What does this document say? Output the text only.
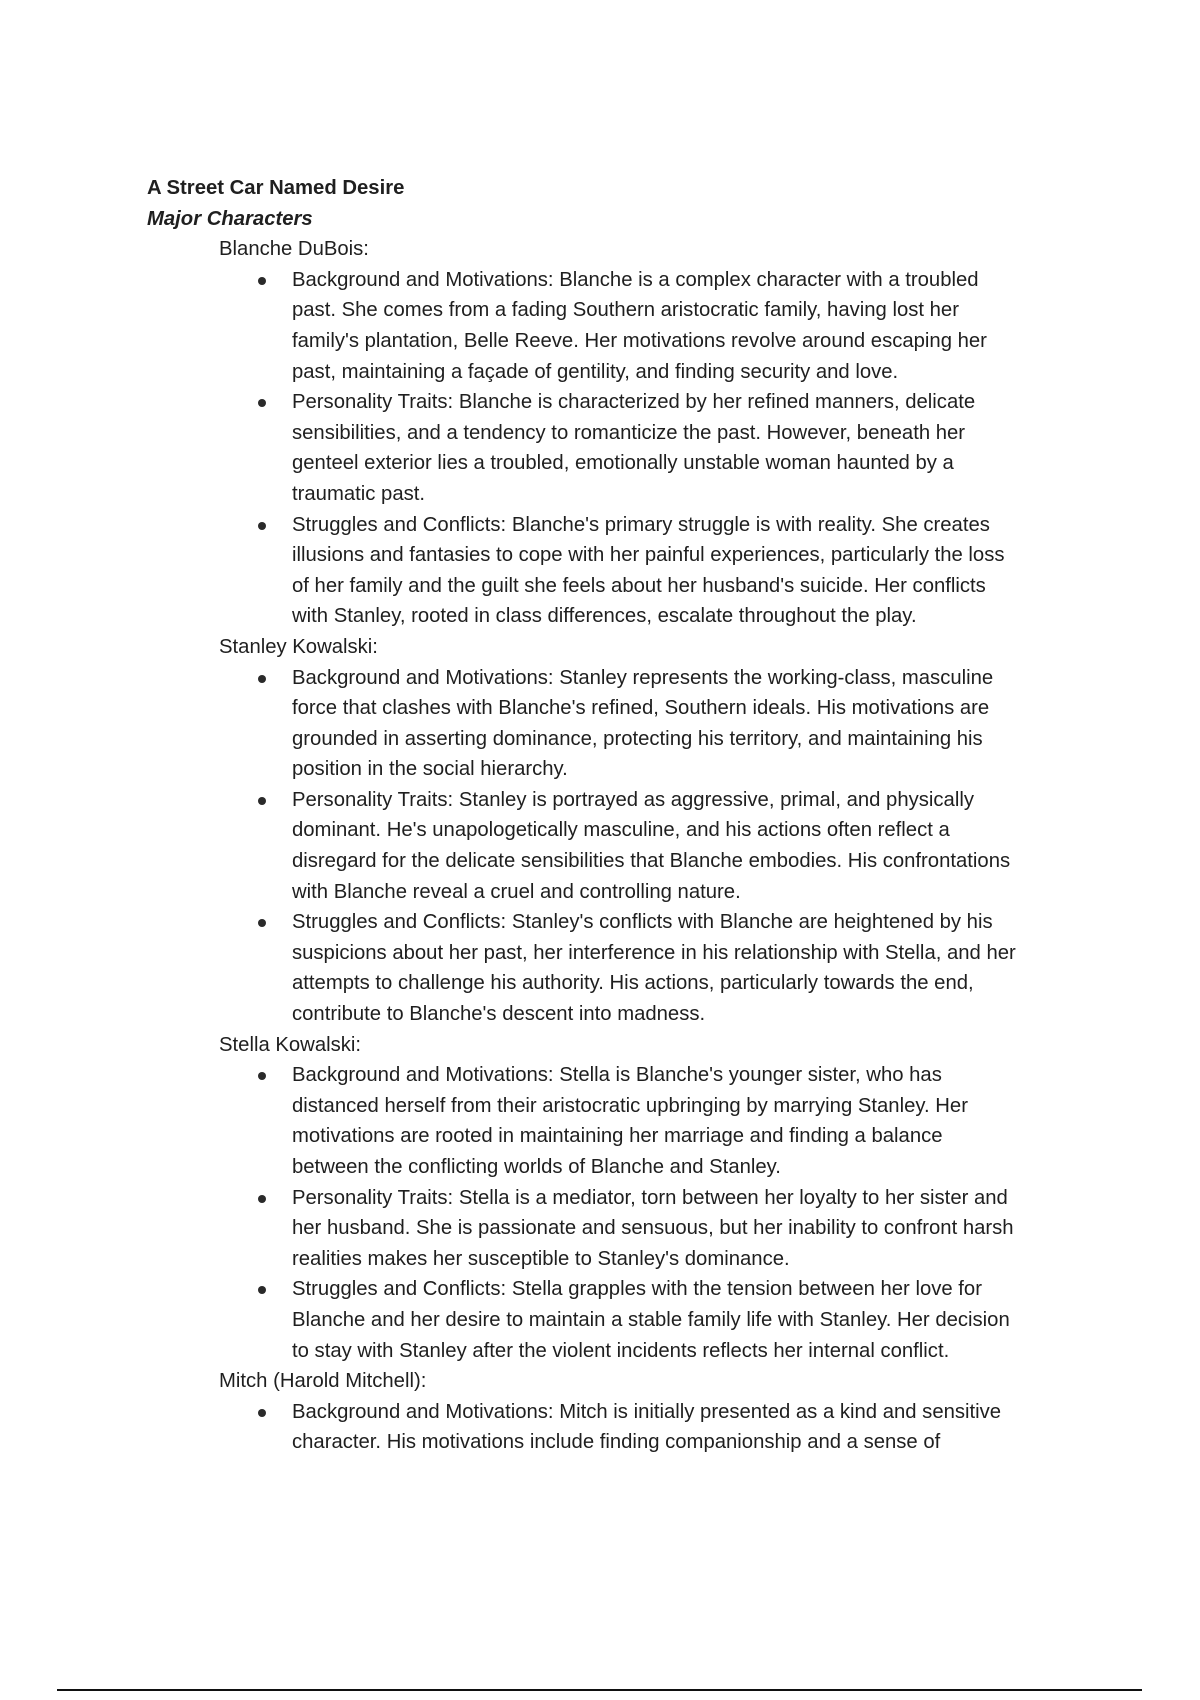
A Street Car Named Desire
Major Characters
Blanche DuBois:
Background and Motivations: Blanche is a complex character with a troubled
past. She comes from a fading Southern aristocratic family, having lost her
family's plantation, Belle Reeve. Her motivations revolve around escaping her
past, maintaining a façade of gentility, and finding security and love.
Personality Traits: Blanche is characterized by her refined manners, delicate
sensibilities, and a tendency to romanticize the past. However, beneath her
genteel exterior lies a troubled, emotionally unstable woman haunted by a
traumatic past.
Struggles and Conflicts: Blanche's primary struggle is with reality. She creates
illusions and fantasies to cope with her painful experiences, particularly the loss
of her family and the guilt she feels about her husband's suicide. Her conflicts
with Stanley, rooted in class differences, escalate throughout the play.
Stanley Kowalski:
Background and Motivations: Stanley represents the working-class, masculine
force that clashes with Blanche's refined, Southern ideals. His motivations are
grounded in asserting dominance, protecting his territory, and maintaining his
position in the social hierarchy.
Personality Traits: Stanley is portrayed as aggressive, primal, and physically
dominant. He's unapologetically masculine, and his actions often reflect a
disregard for the delicate sensibilities that Blanche embodies. His confrontations
with Blanche reveal a cruel and controlling nature.
Struggles and Conflicts: Stanley's conflicts with Blanche are heightened by his
suspicions about her past, her interference in his relationship with Stella, and her
attempts to challenge his authority. His actions, particularly towards the end,
contribute to Blanche's descent into madness.
Stella Kowalski:
Background and Motivations: Stella is Blanche's younger sister, who has
distanced herself from their aristocratic upbringing by marrying Stanley. Her
motivations are rooted in maintaining her marriage and finding a balance
between the conflicting worlds of Blanche and Stanley.
Personality Traits: Stella is a mediator, torn between her loyalty to her sister and
her husband. She is passionate and sensuous, but her inability to confront harsh
realities makes her susceptible to Stanley's dominance.
Struggles and Conflicts: Stella grapples with the tension between her love for
Blanche and her desire to maintain a stable family life with Stanley. Her decision
to stay with Stanley after the violent incidents reflects her internal conflict.
Mitch (Harold Mitchell):
Background and Motivations: Mitch is initially presented as a kind and sensitive
character. His motivations include finding companionship and a sense of
